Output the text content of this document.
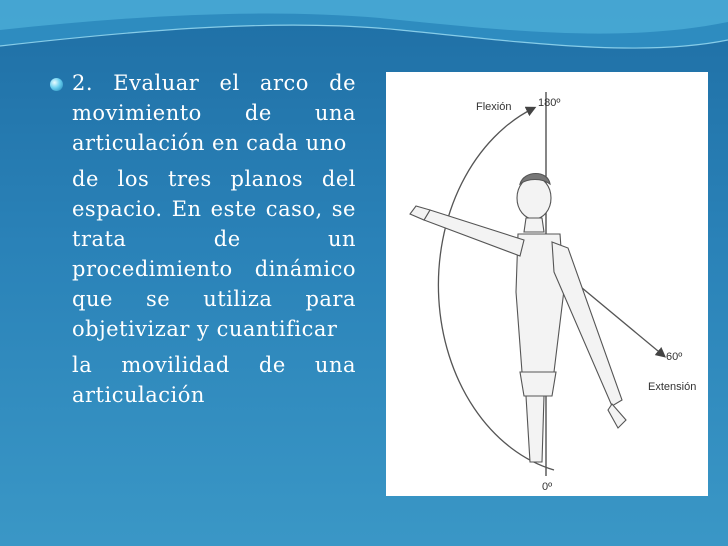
2. Evaluar el arco de movimiento de una articulación en cada uno

de los tres planos del espacio. En este caso, se trata de un procedimiento dinámico que se utiliza para objetivizar y cuantificar

la movilidad de una articulación

Flexión 180º
60º
Extensión
0º
